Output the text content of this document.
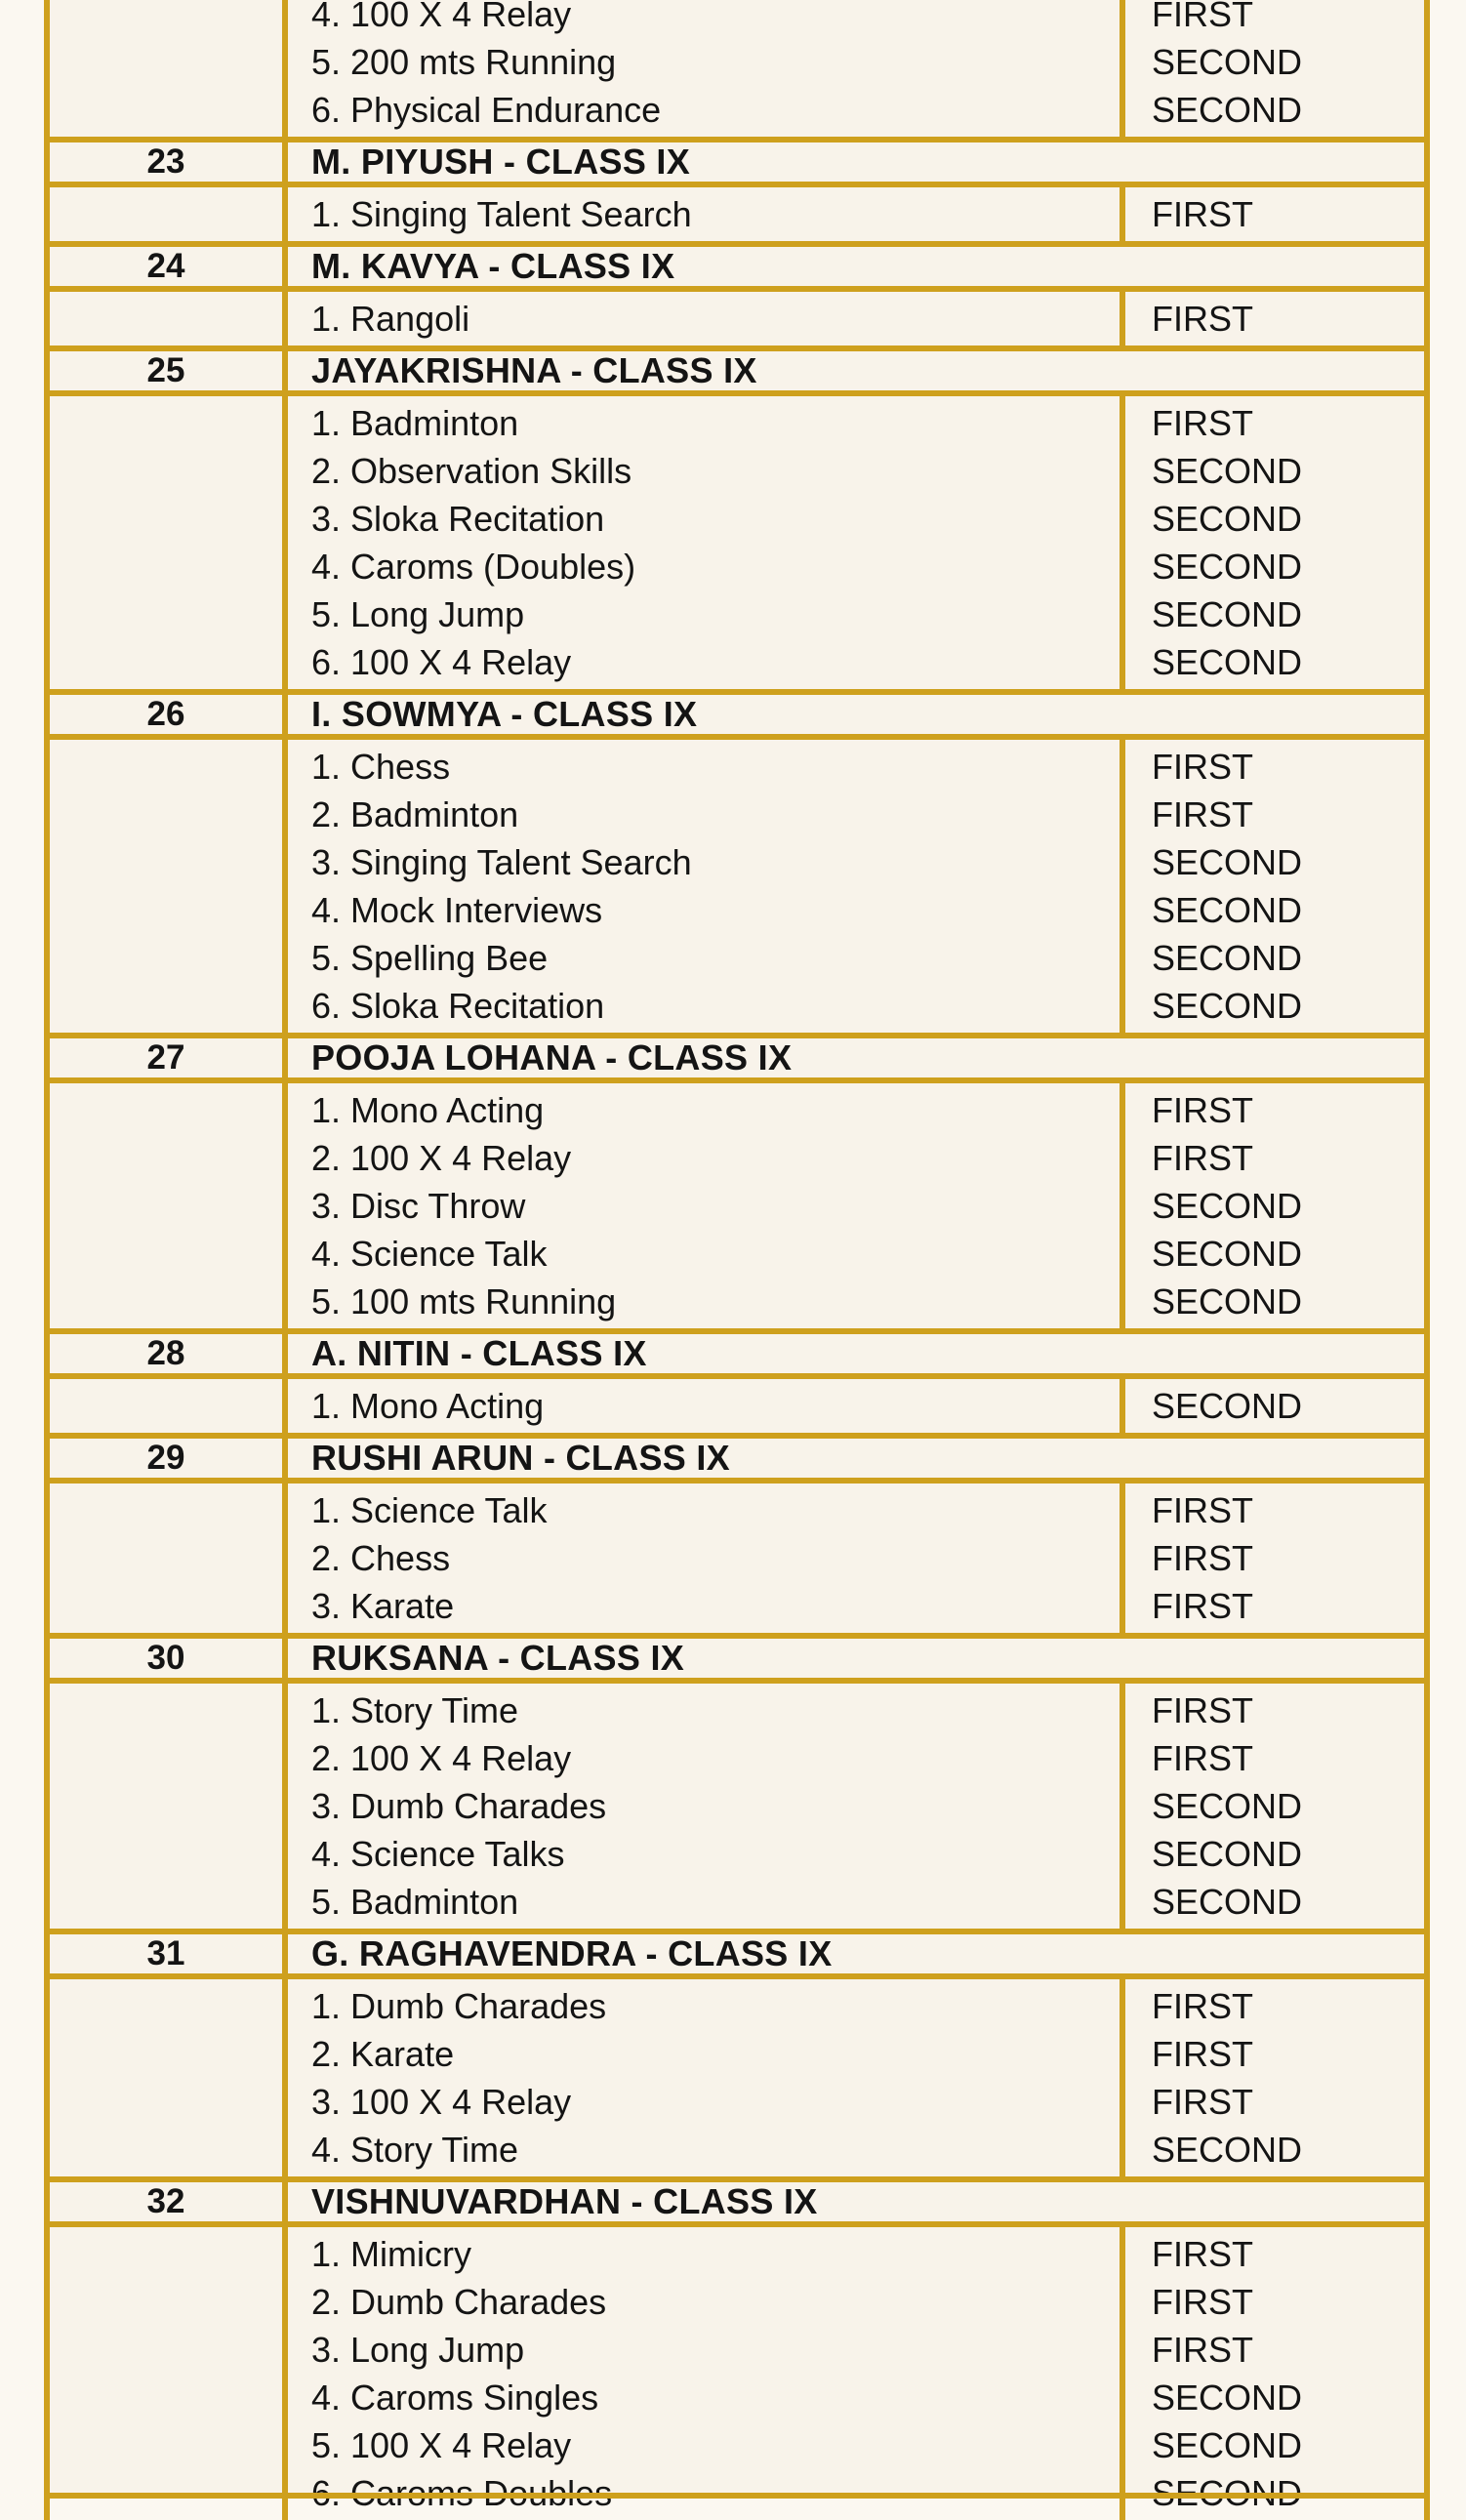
4. 100 X 4 Relay	FIRST
5. 200 mts Running	SECOND
6. Physical Endurance	SECOND
23	M. PIYUSH - CLASS IX
1. Singing Talent Search	FIRST
24	M. KAVYA - CLASS IX
1. Rangoli	FIRST
25	JAYAKRISHNA - CLASS IX
1. Badminton	FIRST
2. Observation Skills	SECOND
3. Sloka Recitation	SECOND
4. Caroms (Doubles)	SECOND
5. Long Jump	SECOND
6. 100 X 4 Relay	SECOND
26	I. SOWMYA - CLASS IX
1. Chess	FIRST
2. Badminton	FIRST
3. Singing Talent Search	SECOND
4. Mock Interviews	SECOND
5. Spelling Bee	SECOND
6. Sloka Recitation	SECOND
27	POOJA LOHANA - CLASS IX
1. Mono Acting	FIRST
2. 100 X 4 Relay	FIRST
3. Disc Throw	SECOND
4. Science Talk	SECOND
5. 100 mts Running	SECOND
28	A. NITIN - CLASS IX
1. Mono Acting	SECOND
29	RUSHI ARUN - CLASS IX
1. Science Talk	FIRST
2. Chess	FIRST
3. Karate	FIRST
30	RUKSANA - CLASS IX
1. Story Time	FIRST
2. 100 X 4 Relay	FIRST
3. Dumb Charades	SECOND
4. Science Talks	SECOND
5. Badminton	SECOND
31	G. RAGHAVENDRA - CLASS IX
1. Dumb Charades	FIRST
2. Karate	FIRST
3. 100 X 4 Relay	FIRST
4. Story Time	SECOND
32	VISHNUVARDHAN - CLASS IX
1. Mimicry	FIRST
2. Dumb Charades	FIRST
3. Long Jump	FIRST
4. Caroms Singles	SECOND
5. 100 X 4 Relay	SECOND
